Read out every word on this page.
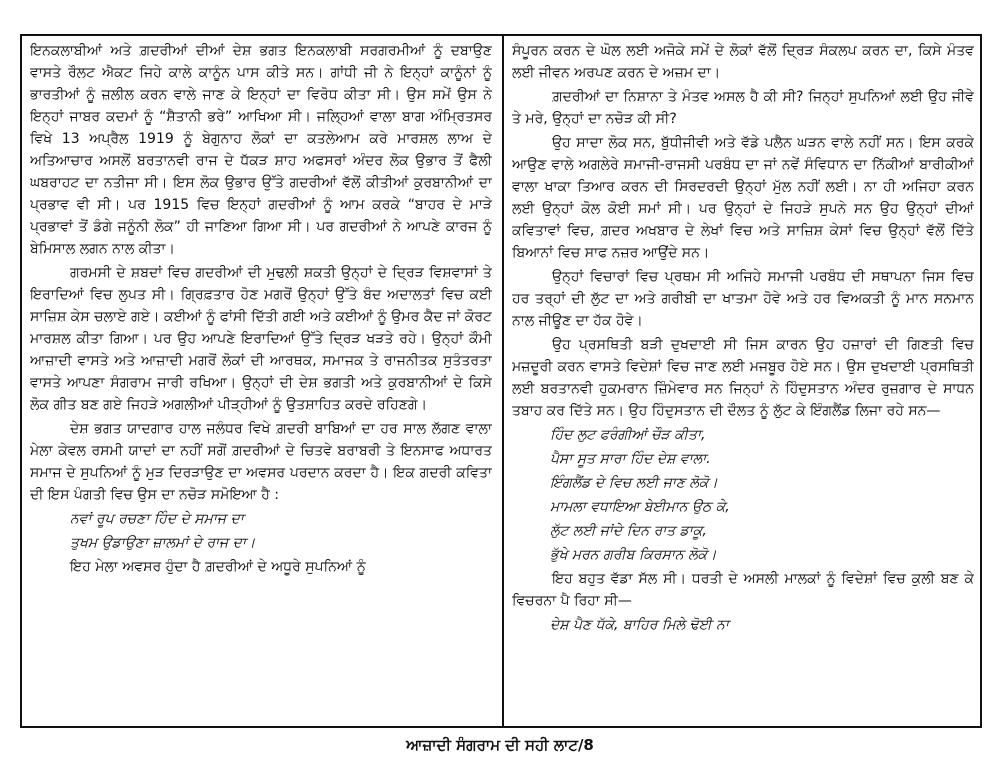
ਇਨਕਲਾਬੀਆਂ ਅਤੇ ਗ਼ਦਰੀਆਂ ਦੀਆਂ ਦੇਸ਼ ਭਗਤ ਇਨਕਲਾਬੀ ਸਰਗਰਮੀਆਂ ਨੂੰ ਦਬਾਉਣ ਵਾਸਤੇ ਰੌਲਟ ਐਕਟ ਜਿਹੇ ਕਾਲੇ ਕਾਨੂੰਨ ਪਾਸ ਕੀਤੇ ਸਨ। ਗਾਂਧੀ ਜੀ ਨੇ ਇਨ੍ਹਾਂ ਕਾਨੂੰਨਾਂ ਨੂੰ ਭਾਰਤੀਆਂ ਨੂੰ ਜ਼ਲੀਲ ਕਰਨ ਵਾਲੇ ਜਾਣ ਕੇ ਇਨ੍ਹਾਂ ਦਾ ਵਿਰੋਧ ਕੀਤਾ ਸੀ। ਉਸ ਸਮੇਂ ਉਸ ਨੇ ਇਨ੍ਹਾਂ ਜਾਬਰ ਕਦਮਾਂ ਨੂੰ “ਸ਼ੈਤਾਨੀ ਭਰੇ” ਆਖਿਆ ਸੀ। ਜਲ੍ਹਿਆਂ ਵਾਲਾ ਬਾਗ ਅੰਮ੍ਰਿਤਸਰ ਵਿਖੇ 13 ਅਪ੍ਰੈਲ 1919 ਨੂੰ ਬੇਗੁਨਾਹ ਲੋਕਾਂ ਦਾ ਕਤਲੇਆਮ ਕਰੇ ਮਾਰਸ਼ਲ ਲਾਅ ਦੇ ਅਤਿਆਚਾਰ ਅਸਲੋਂ ਬਰਤਾਨਵੀ ਰਾਜ ਦੇ ਧੱਕੜ ਸ਼ਾਹ ਅਫਸਰਾਂ ਅੰਦਰ ਲੋਕ ਉਭਾਰ ਤੋਂ ਫੈਲੀ ਘਬਰਾਹਟ ਦਾ ਨਤੀਜਾ ਸੀ। ਇਸ ਲੋਕ ਉਭਾਰ ਉੱਤੇ ਗਦਰੀਆਂ ਵੱਲੋਂ ਕੀਤੀਆਂ ਕੁਰਬਾਨੀਆਂ ਦਾ ਪ੍ਰਭਾਵ ਵੀ ਸੀ। ਪਰ 1915 ਵਿਚ ਇਨ੍ਹਾਂ ਗਦਰੀਆਂ ਨੂੰ ਆਮ ਕਰਕੇ “ਬਾਹਰ ਦੇ ਮਾੜੇ ਪ੍ਰਭਾਵਾਂ ਤੋਂ ਡੰਗੇ ਜਨੂੰਨੀ ਲੋਕ” ਹੀ ਜਾਣਿਆ ਗਿਆ ਸੀ। ਪਰ ਗਦਰੀਆਂ ਨੇ ਆਪਣੇ ਕਾਰਜ ਨੂੰ ਬੇਮਿਸਾਲ ਲਗਨ ਨਾਲ ਕੀਤਾ।

ਗਰਮਸੀ ਦੇ ਸ਼ਬਦਾਂ ਵਿਚ ਗਦਰੀਆਂ ਦੀ ਮੁਢਲੀ ਸ਼ਕਤੀ ਉਨ੍ਹਾਂ ਦੇ ਦ੍ਰਿੜ ਵਿਸ਼ਵਾਸਾਂ ਤੇ ਇਰਾਦਿਆਂ ਵਿਚ ਲੁਪਤ ਸੀ। ਗ੍ਰਿਫ਼ਤਾਰ ਹੋਣ ਮਗਰੋਂ ਉਨ੍ਹਾਂ ਉੱਤੇ ਬੰਦ ਅਦਾਲਤਾਂ ਵਿਚ ਕਈ ਸਾਜ਼ਿਸ਼ ਕੇਸ ਚਲਾਏ ਗਏ। ਕਈਆਂ ਨੂੰ ਫਾਂਸੀ ਦਿੱਤੀ ਗਈ ਅਤੇ ਕਈਆਂ ਨੂੰ ਉਮਰ ਕੈਦ ਜਾਂ ਕੋਰਟ ਮਾਰਸ਼ਲ ਕੀਤਾ ਗਿਆ। ਪਰ ਉਹ ਆਪਣੇ ਇਰਾਦਿਆਂ ਉੱਤੇ ਦ੍ਰਿੜ ਖੜਤੇ ਰਹੇ। ਉਨ੍ਹਾਂ ਕੌਮੀ ਆਜ਼ਾਦੀ ਵਾਸਤੇ ਅਤੇ ਆਜ਼ਾਦੀ ਮਗਰੋਂ ਲੋਕਾਂ ਦੀ ਆਰਥਕ, ਸਮਾਜਕ ਤੇ ਰਾਜਨੀਤਕ ਸੁਤੰਤਰਤਾ ਵਾਸਤੇ ਆਪਣਾ ਸੰਗਰਾਮ ਜਾਰੀ ਰਖਿਆ। ਉਨ੍ਹਾਂ ਦੀ ਦੇਸ਼ ਭਗਤੀ ਅਤੇ ਕੁਰਬਾਨੀਆਂ ਦੇ ਕਿਸੇ ਲੋਕ ਗੀਤ ਬਣ ਗਏ ਜਿਹੜੇ ਅਗਲੀਆਂ ਪੀੜ੍ਹੀਆਂ ਨੂੰ ਉਤਸ਼ਾਹਿਤ ਕਰਦੇ ਰਹਿਣਗੇ।

ਦੇਸ਼ ਭਗਤ ਯਾਦਗਾਰ ਹਾਲ ਜਲੰਧਰ ਵਿਖੇ ਗ਼ਦਰੀ ਬਾਬਿਆਂ ਦਾ ਹਰ ਸਾਲ ਲੱਗਣ ਵਾਲਾ ਮੇਲਾ ਕੇਵਲ ਰਸਮੀ ਯਾਦਾਂ ਦਾ ਨਹੀਂ ਸਗੋਂ ਗ਼ਦਰੀਆਂ ਦੇ ਚਿਤਵੇ ਬਰਾਬਰੀ ਤੇ ਇਨਸਾਫ ਅਧਾਰਤ ਸਮਾਜ ਦੇ ਸੁਪਨਿਆਂ ਨੂੰ ਮੁੜ ਦਿਰੜਾਉਣ ਦਾ ਅਵਸਰ ਪਰਦਾਨ ਕਰਦਾ ਹੈ। ਇਕ ਗਦਰੀ ਕਵਿਤਾ ਦੀ ਇਸ ਪੰਗਤੀ ਵਿਚ ਉਸ ਦਾ ਨਚੋੜ ਸਮੋਇਆ ਹੈ :

ਨਵਾਂ ਰੂਪ ਰਚਣਾ ਹਿੰਦ ਦੇ ਸਮਾਜ ਦਾ

ਤੁਖਮ ਉਡਾਉਣਾ ਜ਼ਾਲਮਾਂ ਦੇ ਰਾਜ ਦਾ।

ਇਹ ਮੇਲਾ ਅਵਸਰ ਹੁੰਦਾ ਹੈ ਗ਼ਦਰੀਆਂ ਦੇ ਅਧੂਰੇ ਸੁਪਨਿਆਂ ਨੂੰ

ਸੰਪੂਰਨ ਕਰਨ ਦੇ ਘੋਲ ਲਈ ਅਜੋਕੇ ਸਮੇਂ ਦੇ ਲੋਕਾਂ ਵੱਲੋਂ ਦ੍ਰਿੜ ਸੰਕਲਪ ਕਰਨ ਦਾ, ਕਿਸੇ ਮੰਤਵ ਲਈ ਜੀਵਨ ਅਰਪਣ ਕਰਨ ਦੇ ਅਜ਼ਮ ਦਾ।

ਗ਼ਦਰੀਆਂ ਦਾ ਨਿਸ਼ਾਨਾ ਤੇ ਮੰਤਵ ਅਸਲ ਹੈ ਕੀ ਸੀ? ਜਿਨ੍ਹਾਂ ਸੁਪਨਿਆਂ ਲਈ ਉਹ ਜੀਵੇ ਤੇ ਮਰੇ, ਉਨ੍ਹਾਂ ਦਾ ਨਚੋੜ ਕੀ ਸੀ?

ਉਹ ਸਾਦਾ ਲੋਕ ਸਨ, ਬੁੱਧੀਜੀਵੀ ਅਤੇ ਵੱਡੇ ਪਲੈਨ ਘੜਨ ਵਾਲੇ ਨਹੀਂ ਸਨ। ਇਸ ਕਰਕੇ ਆਉਣ ਵਾਲੇ ਅਗਲੇਰੇ ਸਮਾਜੀ-ਰਾਜਸੀ ਪਰਬੰਧ ਦਾ ਜਾਂ ਨਵੇਂ ਸੰਵਿਧਾਨ ਦਾ ਨਿੱਕੀਆਂ ਬਾਰੀਕੀਆਂ ਵਾਲਾ ਖਾਕਾ ਤਿਆਰ ਕਰਨ ਦੀ ਸਿਰਦਰਦੀ ਉਨ੍ਹਾਂ ਮੁੱਲ ਨਹੀਂ ਲਈ। ਨਾ ਹੀ ਅਜਿਹਾ ਕਰਨ ਲਈ ਉਨ੍ਹਾਂ ਕੋਲ ਕੋਈ ਸਮਾਂ ਸੀ। ਪਰ ਉਨ੍ਹਾਂ ਦੇ ਜਿਹੜੇ ਸੁਪਨੇ ਸਨ ਉਹ ਉਨ੍ਹਾਂ ਦੀਆਂ ਕਵਿਤਾਵਾਂ ਵਿਚ, ਗ਼ਦਰ ਅਖਬਾਰ ਦੇ ਲੇਖਾਂ ਵਿਚ ਅਤੇ ਸਾਜ਼ਿਸ਼ ਕੇਸਾਂ ਵਿਚ ਉਨ੍ਹਾਂ ਵੱਲੋਂ ਦਿੱਤੇ ਬਿਆਨਾਂ ਵਿਚ ਸਾਫ ਨਜ਼ਰ ਆਉਂਦੇ ਸਨ।

ਉਨ੍ਹਾਂ ਵਿਚਾਰਾਂ ਵਿਚ ਪ੍ਰਥਮ ਸੀ ਅਜਿਹੇ ਸਮਾਜੀ ਪਰਬੰਧ ਦੀ ਸਥਾਪਨਾ ਜਿਸ ਵਿਚ ਹਰ ਤਰ੍ਹਾਂ ਦੀ ਲੁੱਟ ਦਾ ਅਤੇ ਗਰੀਬੀ ਦਾ ਖਾਤਮਾ ਹੋਵੇ ਅਤੇ ਹਰ ਵਿਅਕਤੀ ਨੂੰ ਮਾਨ ਸਨਮਾਨ ਨਾਲ ਜੀਊਣ ਦਾ ਹੱਕ ਹੋਵੇ।

ਉਹ ਪ੍ਰਸਥਿਤੀ ਬੜੀ ਦੁਖਦਾਈ ਸੀ ਜਿਸ ਕਾਰਨ ਉਹ ਹਜ਼ਾਰਾਂ ਦੀ ਗਿਣਤੀ ਵਿਚ ਮਜ਼ਦੂਰੀ ਕਰਨ ਵਾਸਤੇ ਵਿਦੇਸ਼ਾਂ ਵਿਚ ਜਾਣ ਲਈ ਮਜਬੂਰ ਹੋਏ ਸਨ। ਉਸ ਦੁਖਦਾਈ ਪ੍ਰਸਥਿਤੀ ਲਈ ਬਰਤਾਨਵੀ ਹੁਕਮਰਾਨ ਜ਼ਿੰਮੇਵਾਰ ਸਨ ਜਿਨ੍ਹਾਂ ਨੇ ਹਿੰਦੁਸਤਾਨ ਅੰਦਰ ਰੁਜ਼ਗਾਰ ਦੇ ਸਾਧਨ ਤਬਾਹ ਕਰ ਦਿੱਤੇ ਸਨ। ਉਹ ਹਿੰਦੁਸਤਾਨ ਦੀ ਦੌਲਤ ਨੂੰ ਲੁੱਟ ਕੇ ਇੰਗਲੈਂਡ ਲਿਜਾ ਰਹੇ ਸਨ—

ਹਿੰਦ ਲੁਟ ਫਰੰਗੀਆਂ ਚੌੜ ਕੀਤਾ,

ਪੈਸਾ ਸੂਤ ਸਾਰਾ ਹਿੰਦ ਦੇਸ਼ ਵਾਲਾ.

ਇੰਗਲੈਂਡ ਦੇ ਵਿਚ ਲਈ ਜਾਣ ਲੋਕੋ।

ਮਾਮਲਾ ਵਧਾਇਆ ਬੇਈਮਾਨ ਉਠ ਕੇ,

ਲੁੱਟ ਲਈ ਜਾਂਦੇ ਦਿਨ ਰਾਤ ਡਾਕੂ,

ਭੁੱਖੇ ਮਰਨ ਗਰੀਬ ਕਿਰਸਾਨ ਲੋਕੋ।

ਇਹ ਬਹੁਤ ਵੱਡਾ ਸੱਲ ਸੀ। ਧਰਤੀ ਦੇ ਅਸਲੀ ਮਾਲਕਾਂ ਨੂੰ ਵਿਦੇਸ਼ਾਂ ਵਿਚ ਕੁਲੀ ਬਣ ਕੇ ਵਿਚਰਨਾ ਪੈ ਰਿਹਾ ਸੀ—

ਦੇਸ਼ ਪੈਣ ਧੱਕੇ, ਬਾਹਿਰ ਮਿਲੇ ਢੋਈ ਨਾ

ਆਜ਼ਾਦੀ ਸੰਗਰਾਮ ਦੀ ਸਹੀ ਲਾਟ/8
